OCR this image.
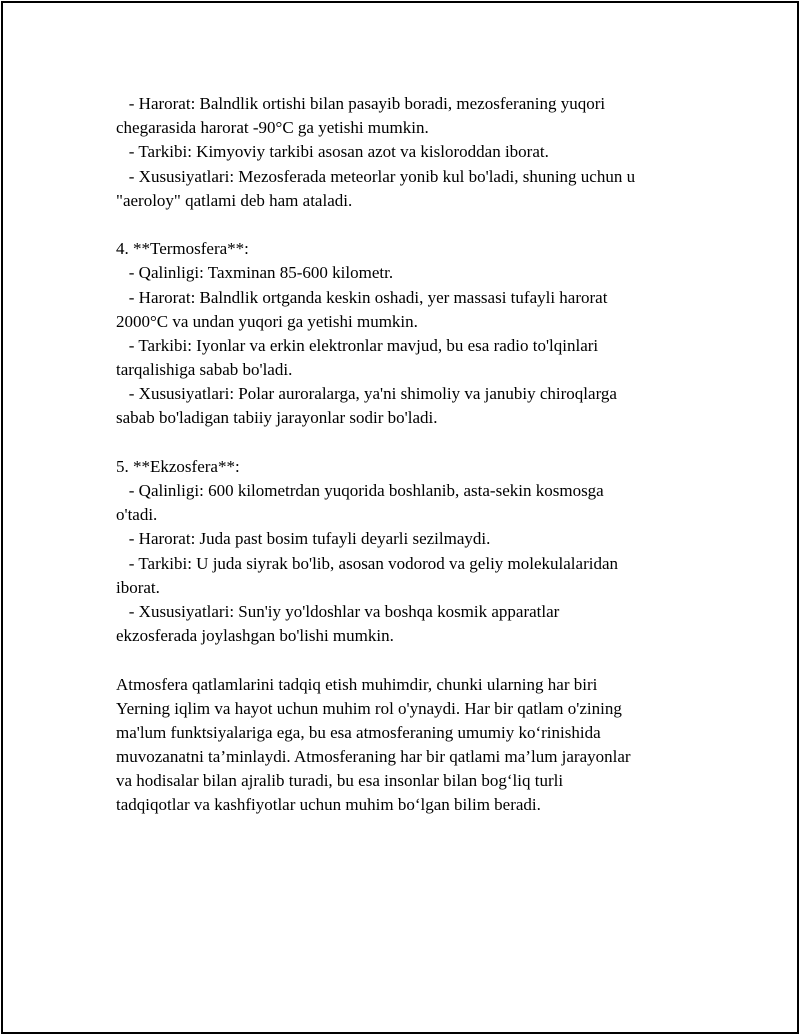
- Harorat: Balndlik ortishi bilan pasayib boradi, mezosferaning yuqori
chegarasida harorat -90°C ga yetishi mumkin.
- Tarkibi: Kimyoviy tarkibi asosan azot va kisloroddan iborat.
- Xususiyatlari: Mezosferada meteorlar yonib kul bo'ladi, shuning uchun u
"aeroloy" qatlami deb ham ataladi.
4. **Termosfera**:
- Qalinligi: Taxminan 85-600 kilometr.
- Harorat: Balndlik ortganda keskin oshadi, yer massasi tufayli harorat
2000°C va undan yuqori ga yetishi mumkin.
- Tarkibi: Iyonlar va erkin elektronlar mavjud, bu esa radio to'lqinlari
tarqalishiga sabab bo'ladi.
- Xususiyatlari: Polar auroralarga, ya'ni shimoliy va janubiy chiroqlarga
sabab bo'ladigan tabiiy jarayonlar sodir bo'ladi.
5. **Ekzosfera**:
- Qalinligi: 600 kilometrdan yuqorida boshlanib, asta-sekin kosmosga
o'tadi.
- Harorat: Juda past bosim tufayli deyarli sezilmaydi.
- Tarkibi: U juda siyrak bo'lib, asosan vodorod va geliy molekulalaridan
iborat.
- Xususiyatlari: Sun'iy yo'ldoshlar va boshqa kosmik apparatlar
ekzosferada joylashgan bo'lishi mumkin.
Atmosfera qatlamlarini tadqiq etish muhimdir, chunki ularning har biri
Yerning iqlim va hayot uchun muhim rol o'ynaydi. Har bir qatlam o'zining
ma'lum funktsiyalariga ega, bu esa atmosferaning umumiy ko‘rinishida
muvozanatni ta’minlaydi. Atmosferaning har bir qatlami ma’lum jarayonlar
va hodisalar bilan ajralib turadi, bu esa insonlar bilan bog‘liq turli
tadqiqotlar va kashfiyotlar uchun muhim bo‘lgan bilim beradi.
